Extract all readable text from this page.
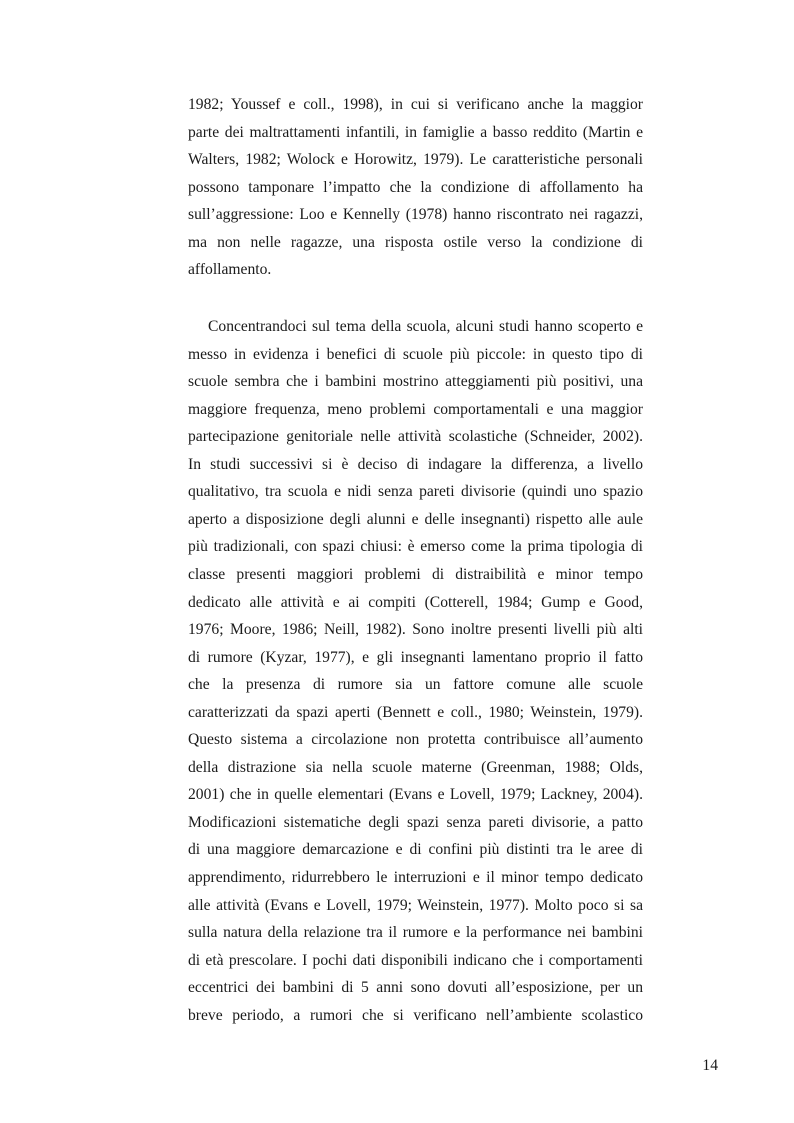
1982; Youssef e coll., 1998), in cui si verificano anche la maggior
parte dei maltrattamenti infantili, in famiglie a basso reddito (Martin e
Walters, 1982; Wolock e Horowitz, 1979). Le caratteristiche personali
possono tamponare l’impatto che la condizione di affollamento ha
sull’aggressione: Loo e Kennelly (1978) hanno riscontrato nei ragazzi,
ma non nelle ragazze, una risposta ostile verso la condizione di
affollamento.
Concentrandoci sul tema della scuola, alcuni studi hanno scoperto e
messo in evidenza i benefici di scuole più piccole: in questo tipo di
scuole sembra che i bambini mostrino atteggiamenti più positivi, una
maggiore frequenza, meno problemi comportamentali e una maggior
partecipazione genitoriale nelle attività scolastiche (Schneider, 2002).
In studi successivi si è deciso di indagare la differenza, a livello
qualitativo, tra scuola e nidi senza pareti divisorie (quindi uno spazio
aperto a disposizione degli alunni e delle insegnanti) rispetto alle aule
più tradizionali, con spazi chiusi: è emerso come la prima tipologia di
classe presenti maggiori problemi di distraibilità e minor tempo
dedicato alle attività e ai compiti (Cotterell, 1984; Gump e Good,
1976; Moore, 1986; Neill, 1982). Sono inoltre presenti livelli più alti
di rumore (Kyzar, 1977), e gli insegnanti lamentano proprio il fatto
che la presenza di rumore sia un fattore comune alle scuole
caratterizzati da spazi aperti (Bennett e coll., 1980; Weinstein, 1979).
Questo sistema a circolazione non protetta contribuisce all’aumento
della distrazione sia nella scuole materne (Greenman, 1988; Olds,
2001) che in quelle elementari (Evans e Lovell, 1979; Lackney, 2004).
Modificazioni sistematiche degli spazi senza pareti divisorie, a patto
di una maggiore demarcazione e di confini più distinti tra le aree di
apprendimento, ridurrebbero le interruzioni e il minor tempo dedicato
alle attività (Evans e Lovell, 1979; Weinstein, 1977). Molto poco si sa
sulla natura della relazione tra il rumore e la performance nei bambini
di età prescolare. I pochi dati disponibili indicano che i comportamenti
eccentrici dei bambini di 5 anni sono dovuti all’esposizione, per un
breve periodo, a rumori che si verificano nell’ambiente scolastico
14
